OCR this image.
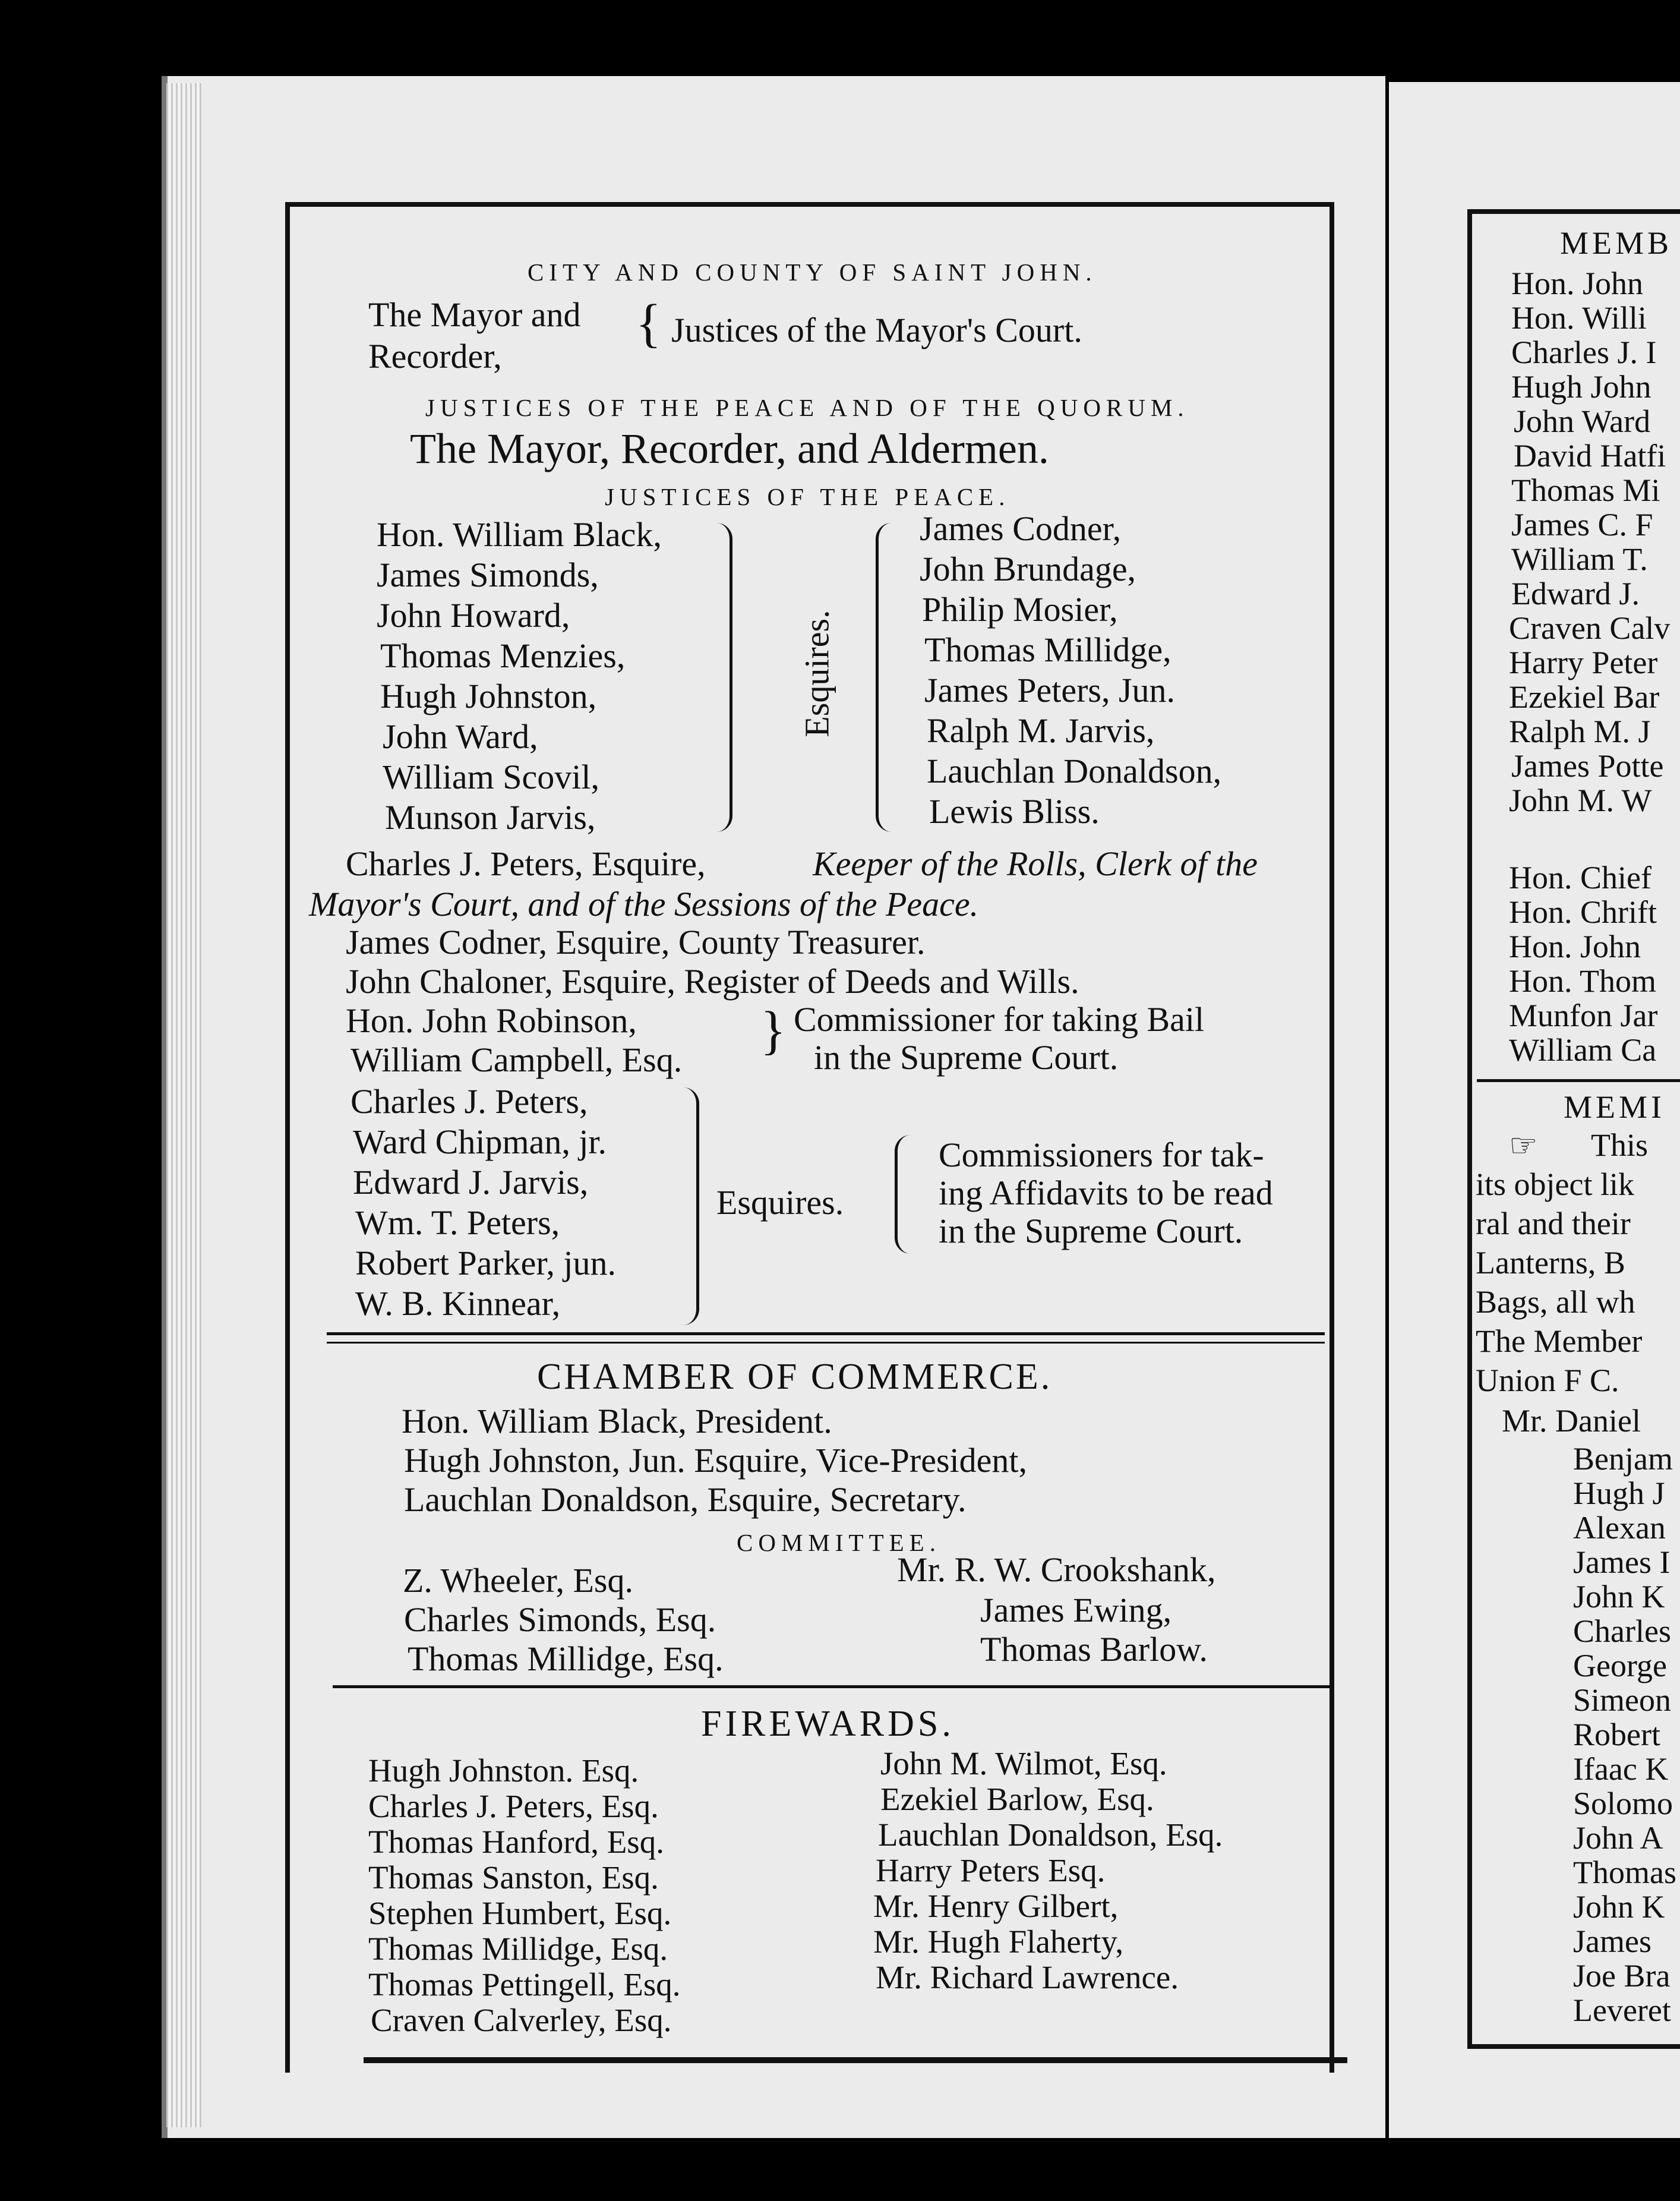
CITY AND COUNTY OF SAINT JOHN.
The Mayor and
Recorder,
{ Justices of the Mayor's Court.
JUSTICES OF THE PEACE AND OF THE QUORUM.
The Mayor, Recorder, and Aldermen.
JUSTICES OF THE PEACE.
Hon. William Black,
James Simonds,
John Howard,
Thomas Menzies,
Hugh Johnston,
John Ward,
William Scovil,
Munson Jarvis,
Esquires.
James Codner,
John Brundage,
Philip Mosier,
Thomas Millidge,
James Peters, Jun.
Ralph M. Jarvis,
Lauchlan Donaldson,
Lewis Bliss.
Charles J. Peters, Esquire,	Keeper of the Rolls, Clerk of the
Mayor's Court, and of the Sessions of the Peace.
James Codner, Esquire, County Treasurer.
John Chaloner, Esquire, Register of Deeds and Wills.
Hon. John Robinson,
William Campbell, Esq. } Commissioner for taking Bail
in the Supreme Court.
Charles J. Peters,
Ward Chipman, jr.
Edward J. Jarvis,
Wm. T. Peters,
Robert Parker, jun.
W. B. Kinnear,
Esquires.
Commissioners for tak-
ing Affidavits to be read
in the Supreme Court.
CHAMBER OF COMMERCE.
Hon. William Black, President.
Hugh Johnston, Jun. Esquire, Vice-President,
Lauchlan Donaldson, Esquire, Secretary.
COMMITTEE.
Z. Wheeler, Esq.
Charles Simonds, Esq.
Thomas Millidge, Esq.
Mr. R. W. Crookshank,
James Ewing,
Thomas Barlow.
FIREWARDS.
Hugh Johnston. Esq.
Charles J. Peters, Esq.
Thomas Hanford, Esq.
Thomas Sanston, Esq.
Stephen Humbert, Esq.
Thomas Millidge, Esq.
Thomas Pettingell, Esq.
Craven Calverley, Esq.
John M. Wilmot, Esq.
Ezekiel Barlow, Esq.
Lauchlan Donaldson, Esq.
Harry Peters Esq.
Mr. Henry Gilbert,
Mr. Hugh Flaherty,
Mr. Richard Lawrence.
MEMB
Hon. John
Hon. Willi
Charles J. I
Hugh John
John Ward
David Hatfi
Thomas Mi
James C. F
William T.
Edward J.
Craven Calv
Harry Peter
Ezekiel Bar
Ralph M. J
James Potte
John M. W
Hon. Chief
Hon. Chrift
Hon. John
Hon. Thom
Munfon Jar
William Ca
MEMI
☞ This
its object lik
ral and their
Lanterns, B
Bags, all wh
The Member
Union F C.
Mr. Daniel
Benjam
Hugh J
Alexan
James I
John K
Charles
George
Simeon
Robert
Ifaac K
Solomo
John A
Thomas
John K
James
Joe Bra
Leveret
